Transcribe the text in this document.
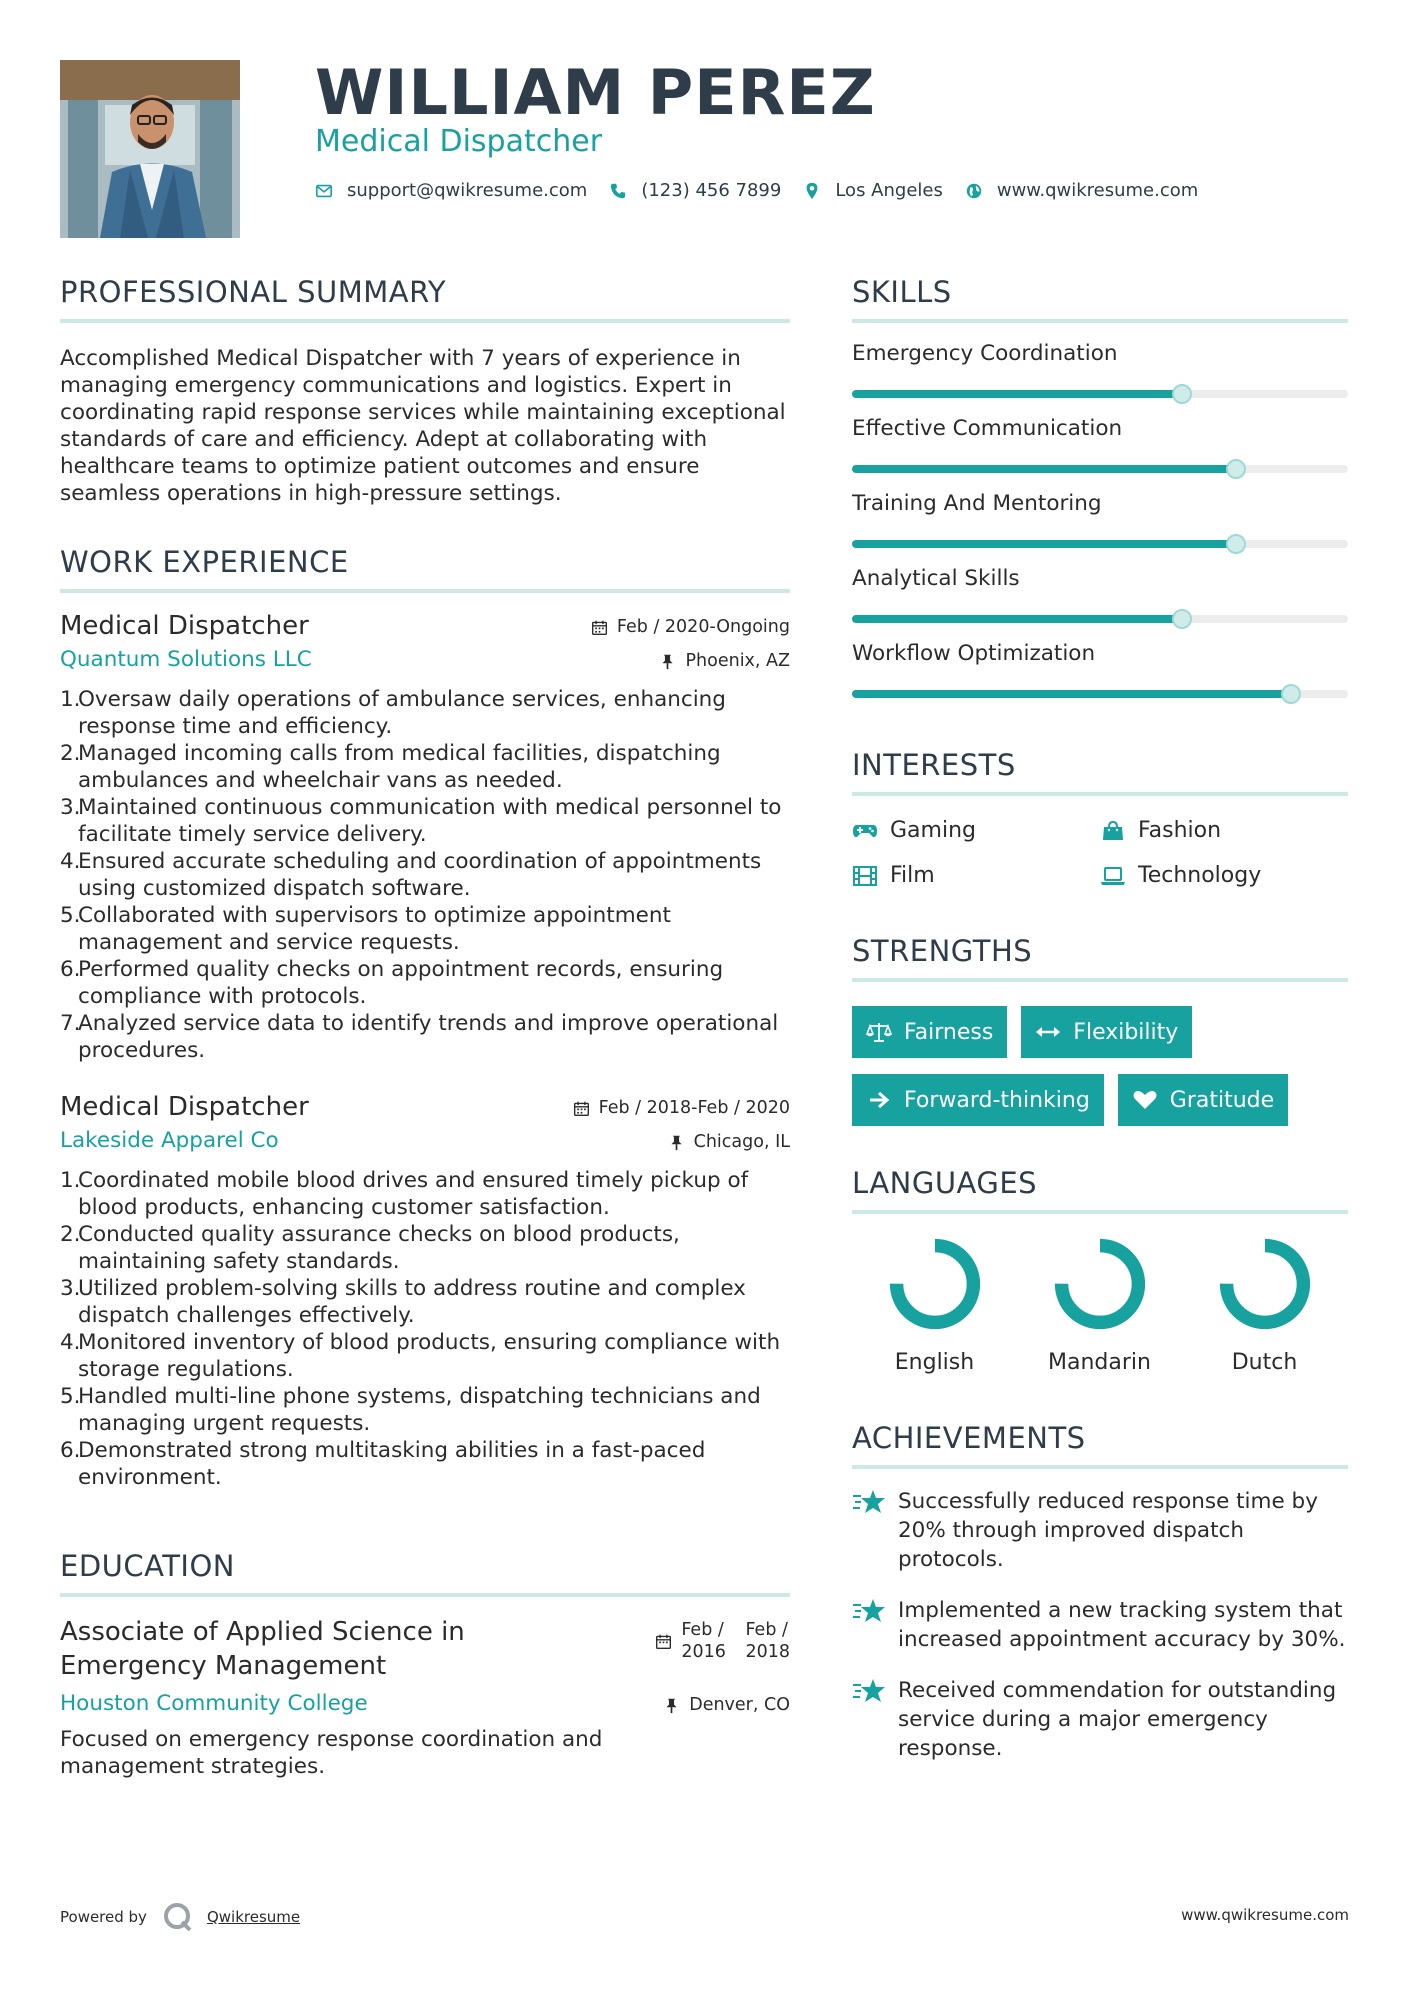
WILLIAM PEREZ
Medical Dispatcher
support@qwikresume.com	(123) 456 7899	Los Angeles	www.qwikresume.com
PROFESSIONAL SUMMARY

Accomplished Medical Dispatcher with 7 years of experience in managing emergency communications and logistics. Expert in coordinating rapid response services while maintaining exceptional standards of care and efficiency. Adept at collaborating with healthcare teams to optimize patient outcomes and ensure seamless operations in high-pressure settings.

WORK EXPERIENCE
Medical Dispatcher	Feb / 2020-Ongoing
Quantum Solutions LLC	Phoenix, AZ
1.
Oversaw daily operations of ambulance services, enhancing response time and efficiency.
2.
Managed incoming calls from medical facilities, dispatching ambulances and wheelchair vans as needed.
3.
Maintained continuous communication with medical personnel to facilitate timely service delivery.
4.
Ensured accurate scheduling and coordination of appointments using customized dispatch software.
5.
Collaborated with supervisors to optimize appointment management and service requests.
6.
Performed quality checks on appointment records, ensuring compliance with protocols.
7.
Analyzed service data to identify trends and improve operational procedures.
Medical Dispatcher	Feb / 2018-Feb / 2020
Lakeside Apparel Co	Chicago, IL
1.
Coordinated mobile blood drives and ensured timely pickup of blood products, enhancing customer satisfaction.
2.
Conducted quality assurance checks on blood products, maintaining safety standards.
3.
Utilized problem-solving skills to address routine and complex dispatch challenges effectively.
4.
Monitored inventory of blood products, ensuring compliance with storage regulations.
5.
Handled multi-line phone systems, dispatching technicians and managing urgent requests.
6.
Demonstrated strong multitasking abilities in a fast-paced environment.
EDUCATION
Associate of Applied Science in
Emergency Management
Feb /
2016

Feb /
2018
Houston Community College	Denver, CO

Focused on emergency response coordination and management strategies.

SKILLS
Emergency Coordination
Effective Communication
Training And Mentoring
Analytical Skills
Workflow Optimization
INTERESTS
Gaming	Fashion
Film	Technology
STRENGTHS
Fairness	Flexibility
Forward-thinking	Gratitude
LANGUAGES
English	Mandarin	Dutch
ACHIEVEMENTS
Successfully reduced response time by 20% through improved dispatch protocols.
Implemented a new tracking system that increased appointment accuracy by 30%.
Received commendation for outstanding service during a major emergency response.
Powered by	Qwikresume	www.qwikresume.com
